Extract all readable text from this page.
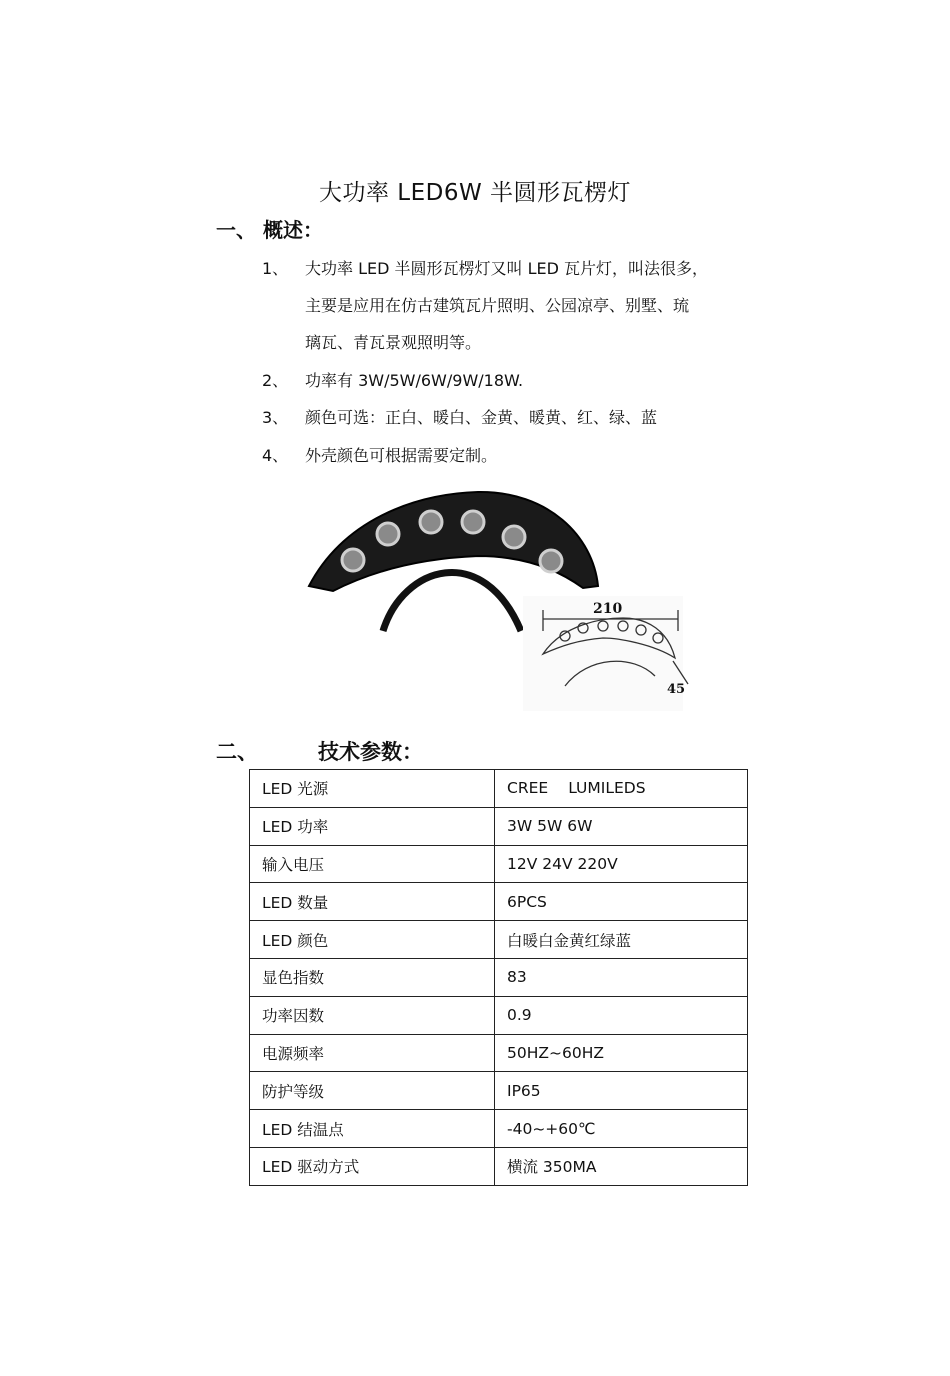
大功率 LED6W 半圆形瓦楞灯
一、 概述：
1、	大功率 LED 半圆形瓦楞灯又叫 LED 瓦片灯，叫法很多，
主要是应用在仿古建筑瓦片照明、公园凉亭、别墅、琉
璃瓦、青瓦景观照明等。
2、	功率有 3W/5W/6W/9W/18W.
3、	颜色可选：正白、暖白、金黄、暖黄、红、绿、蓝
4、	外壳颜色可根据需要定制。
210
45
二、	技术参数：
LED 光源	CREE LUMILEDS
LED 功率	3W 5W 6W
输入电压	12V 24V 220V
LED 数量	6PCS
LED 颜色	白暖白金黄红绿蓝
显色指数	83
功率因数	0.9
电源频率	50HZ~60HZ
防护等级	IP65
LED 结温点	-40~+60℃
LED 驱动方式	横流 350MA
